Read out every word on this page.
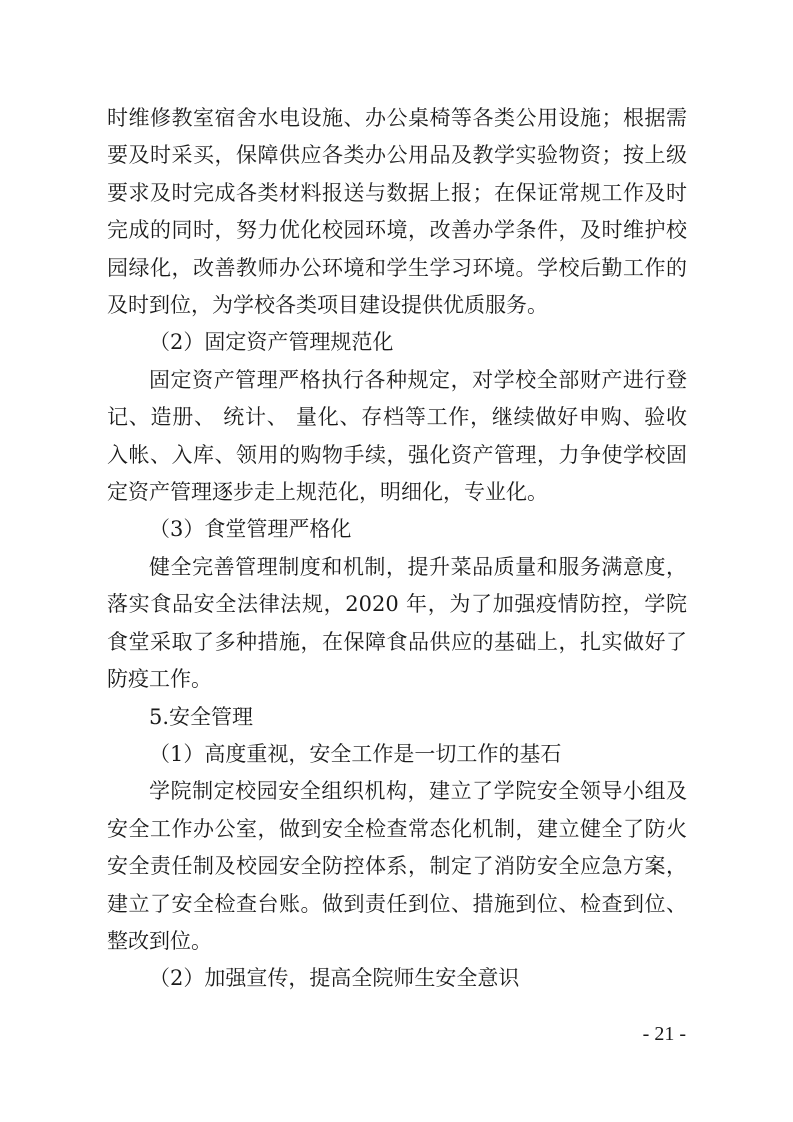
时维修教室宿舍水电设施、办公桌椅等各类公用设施；根据需要及时采买，保障供应各类办公用品及教学实验物资；按上级要求及时完成各类材料报送与数据上报；在保证常规工作及时完成的同时，努力优化校园环境，改善办学条件，及时维护校园绿化，改善教师办公环境和学生学习环境。学校后勤工作的及时到位，为学校各类项目建设提供优质服务。

（2）固定资产管理规范化

固定资产管理严格执行各种规定，对学校全部财产进行登记、造册、 统计、 量化、存档等工作，继续做好申购、验收入帐、入库、领用的购物手续，强化资产管理，力争使学校固定资产管理逐步走上规范化，明细化，专业化。

（3）食堂管理严格化

健全完善管理制度和机制，提升菜品质量和服务满意度，落实食品安全法律法规，2020 年，为了加强疫情防控，学院食堂采取了多种措施，在保障食品供应的基础上，扎实做好了防疫工作。

5.安全管理

（1）高度重视，安全工作是一切工作的基石

学院制定校园安全组织机构，建立了学院安全领导小组及安全工作办公室，做到安全检查常态化机制，建立健全了防火安全责任制及校园安全防控体系，制定了消防安全应急方案，建立了安全检查台账。做到责任到位、措施到位、检查到位、整改到位。

（2）加强宣传，提高全院师生安全意识

- 21 -
